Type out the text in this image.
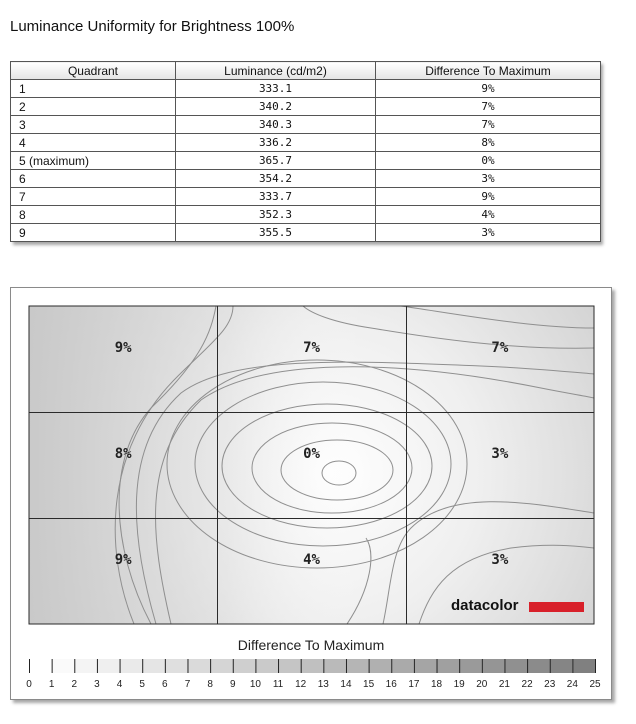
Luminance Uniformity for Brightness 100%
Quadrant	Luminance (cd/m2)	Difference To Maximum
1	333.1	9%
2	340.2	7%
3	340.3	7%
4	336.2	8%
5 (maximum)	365.7	0%
6	354.2	3%
7	333.7	9%
8	352.3	4%
9	355.5	3%
9%	7%	7%
8%	0%	3%
9%	4%	3%
datacolor
Difference To Maximum
0 1 2 3 4 5 6 7 8 9 10 11 12 13 14 15 16 17 18 19 20 21 22 23 24 25
